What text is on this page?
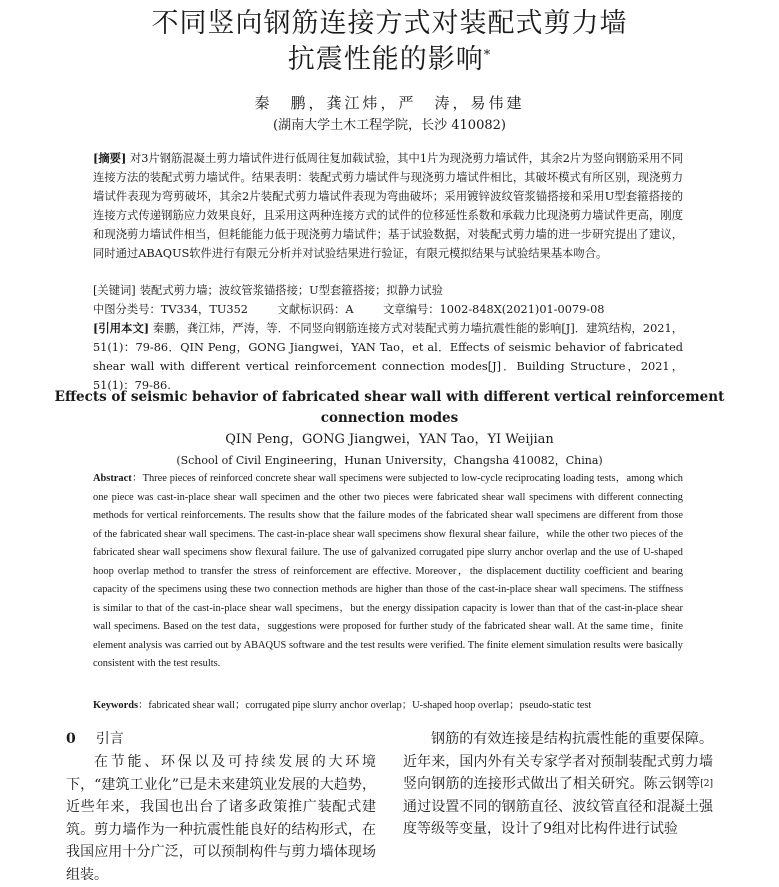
不同竖向钢筋连接方式对装配式剪力墙
抗震性能的影响*
秦　鹏，龚江炜，严　涛，易伟建
(湖南大学土木工程学院，长沙 410082)
[摘要] 对3片钢筋混凝土剪力墙试件进行低周往复加载试验，其中1片为现浇剪力墙试件，其余2片为竖向钢筋采用不同连接方法的装配式剪力墙试件。结果表明：装配式剪力墙试件与现浇剪力墙试件相比，其破坏模式有所区别，现浇剪力墙试件表现为弯剪破坏，其余2片装配式剪力墙试件表现为弯曲破坏；采用镀锌波纹管浆锚搭接和采用U型套箍搭接的连接方式传递钢筋应力效果良好，且采用这两种连接方式的试件的位移延性系数和承载力比现浇剪力墙试件更高，刚度和现浇剪力墙试件相当，但耗能能力低于现浇剪力墙试件；基于试验数据，对装配式剪力墙的进一步研究提出了建议，同时通过ABAQUS软件进行有限元分析并对试验结果进行验证，有限元模拟结果与试验结果基本吻合。
[关键词] 装配式剪力墙；波纹管浆锚搭接；U型套箍搭接；拟静力试验
中图分类号：TV334，TU352	文献标识码：A	文章编号：1002-848X(2021)01-0079-08
[引用本文] 秦鹏，龚江炜，严涛，等．不同竖向钢筋连接方式对装配式剪力墙抗震性能的影响[J]．建筑结构，2021，51(1)：79-86．QIN Peng，GONG Jiangwei，YAN Tao，et al．Effects of seismic behavior of fabricated shear wall with different vertical reinforcement connection modes[J]．Building Structure，2021，51(1)：79-86.
Effects of seismic behavior of fabricated shear wall with different vertical reinforcement
connection modes
QIN Peng，GONG Jiangwei，YAN Tao，YI Weijian
(School of Civil Engineering，Hunan University，Changsha 410082，China)
Abstract：Three pieces of reinforced concrete shear wall specimens were subjected to low-cycle reciprocating loading tests，among which one piece was cast-in-place shear wall specimen and the other two pieces were fabricated shear wall specimens with different connecting methods for vertical reinforcements. The results show that the failure modes of the fabricated shear wall specimens are different from those of the fabricated shear wall specimens. The cast-in-place shear wall specimens show flexural shear failure，while the other two pieces of the fabricated shear wall specimens show flexural failure. The use of galvanized corrugated pipe slurry anchor overlap and the use of U-shaped hoop overlap method to transfer the stress of reinforcement are effective. Moreover，the displacement ductility coefficient and bearing capacity of the specimens using these two connection methods are higher than those of the cast-in-place shear wall specimens. The stiffness is similar to that of the cast-in-place shear wall specimens，but the energy dissipation capacity is lower than that of the cast-in-place shear wall specimens. Based on the test data，suggestions were proposed for further study of the fabricated shear wall. At the same time，finite element analysis was carried out by ABAQUS software and the test results were verified. The finite element simulation results were basically consistent with the test results.
Keywords：fabricated shear wall；corrugated pipe slurry anchor overlap；U-shaped hoop overlap；pseudo-static test
0 引言
在节能、环保以及可持续发展的大环境下，“建筑工业化”已是未来建筑业发展的大趋势，近些年来，我国也出台了诸多政策推广装配式建筑。剪力墙作为一种抗震性能良好的结构形式，在我国应用十分广泛，可以预制构件与剪力墙体现场组装。
钢筋的有效连接是结构抗震性能的重要保障。近年来，国内外有关专家学者对预制装配式剪力墙竖向钢筋的连接形式做出了相关研究。陈云钢等[2]通过设置不同的钢筋直径、波纹管直径和混凝土强度等级等变量，设计了9组对比构件进行试验
